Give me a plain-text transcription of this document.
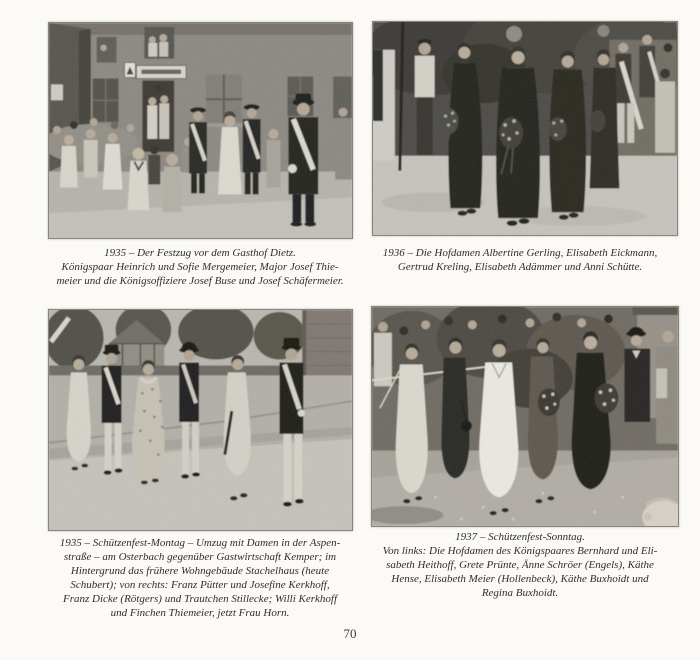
1935 – Der Festzug vor dem Gasthof Dietz.
Königspaar Heinrich und Sofie Mergemeier, Major Josef Thie-
meier und die Königsoffiziere Josef Buse und Josef Schäfermeier.
1936 – Die Hofdamen Albertine Gerling, Elisabeth Eickmann,
Gertrud Kreling, Elisabeth Adämmer und Anni Schütte.
1935 – Schützenfest-Montag – Umzug mit Damen in der Aspen-
straße – am Osterbach gegenüber Gastwirtschaft Kemper; im
Hintergrund das frühere Wohngebäude Stachelhaus (heute
Schubert); von rechts: Franz Pütter und Josefine Kerkhoff,
Franz Dicke (Rötgers) und Trautchen Stillecke; Willi Kerkhoff
und Finchen Thiemeier, jetzt Frau Horn.
1937 – Schützenfest-Sonntag.
Von links: Die Hofdamen des Königspaares Bernhard und Eli-
sabeth Heithoff, Grete Prünte, Änne Schröer (Engels), Käthe
Hense, Elisabeth Meier (Hollenbeck), Käthe Buxhoidt und
Regina Buxhoidt.
70
